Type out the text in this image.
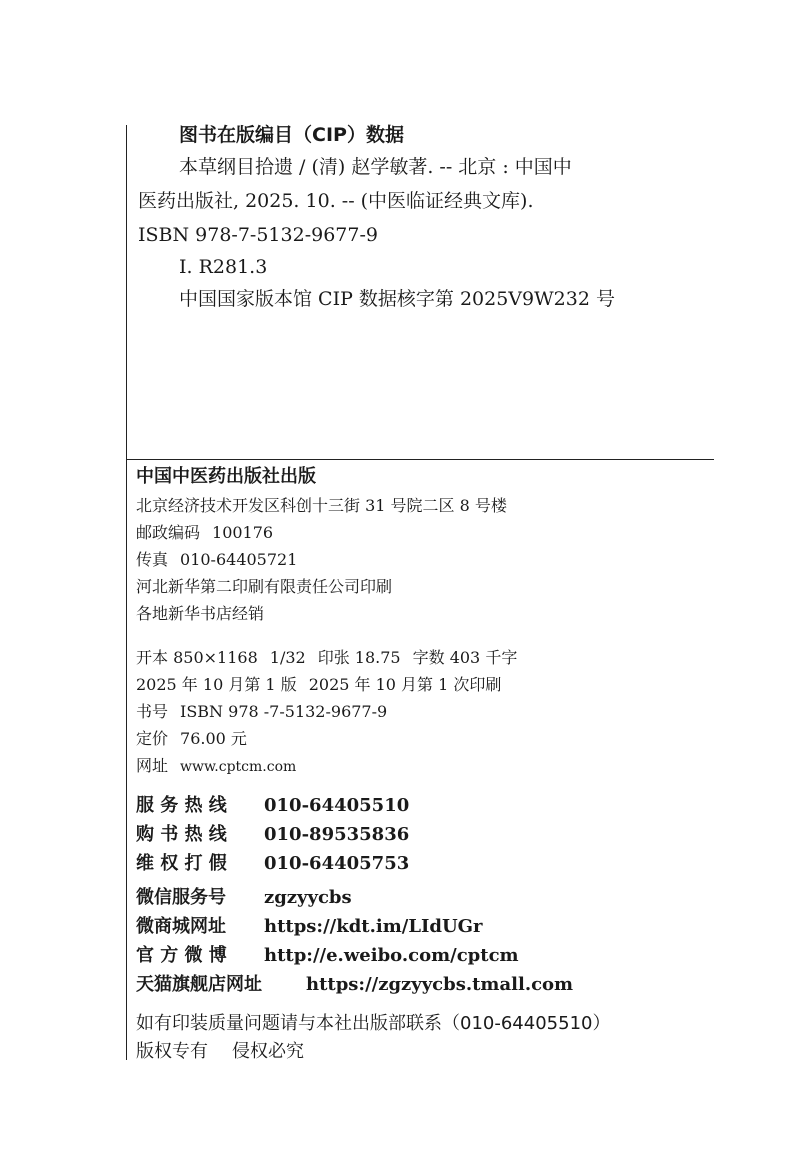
图书在版编目（CIP）数据
本草纲目拾遗 / (清) 赵学敏著. -- 北京 : 中国中
医药出版社, 2025. 10. -- (中医临证经典文库).
ISBN 978-7-5132-9677-9
Ⅰ. R281.3
中国国家版本馆 CIP 数据核字第 2025V9W232 号
中国中医药出版社出版
北京经济技术开发区科创十三街 31 号院二区 8 号楼
邮政编码 100176
传真 010-64405721
河北新华第二印刷有限责任公司印刷
各地新华书店经销
开本 850×1168 1/32 印张 18.75 字数 403 千字
2025 年 10 月第 1 版 2025 年 10 月第 1 次印刷
书号 ISBN 978 -7-5132-9677-9
定价 76.00 元
网址 www.cptcm.com
服 务 热 线 010-64405510
购 书 热 线 010-89535836
维 权 打 假 010-64405753
微信服务号 zgzyycbs
微商城网址 https://kdt.im/LIdUGr
官 方 微 博 http://e.weibo.com/cptcm
天猫旗舰店网址 https://zgzyycbs.tmall.com
如有印装质量问题请与本社出版部联系（010-64405510）
版权专有 侵权必究
